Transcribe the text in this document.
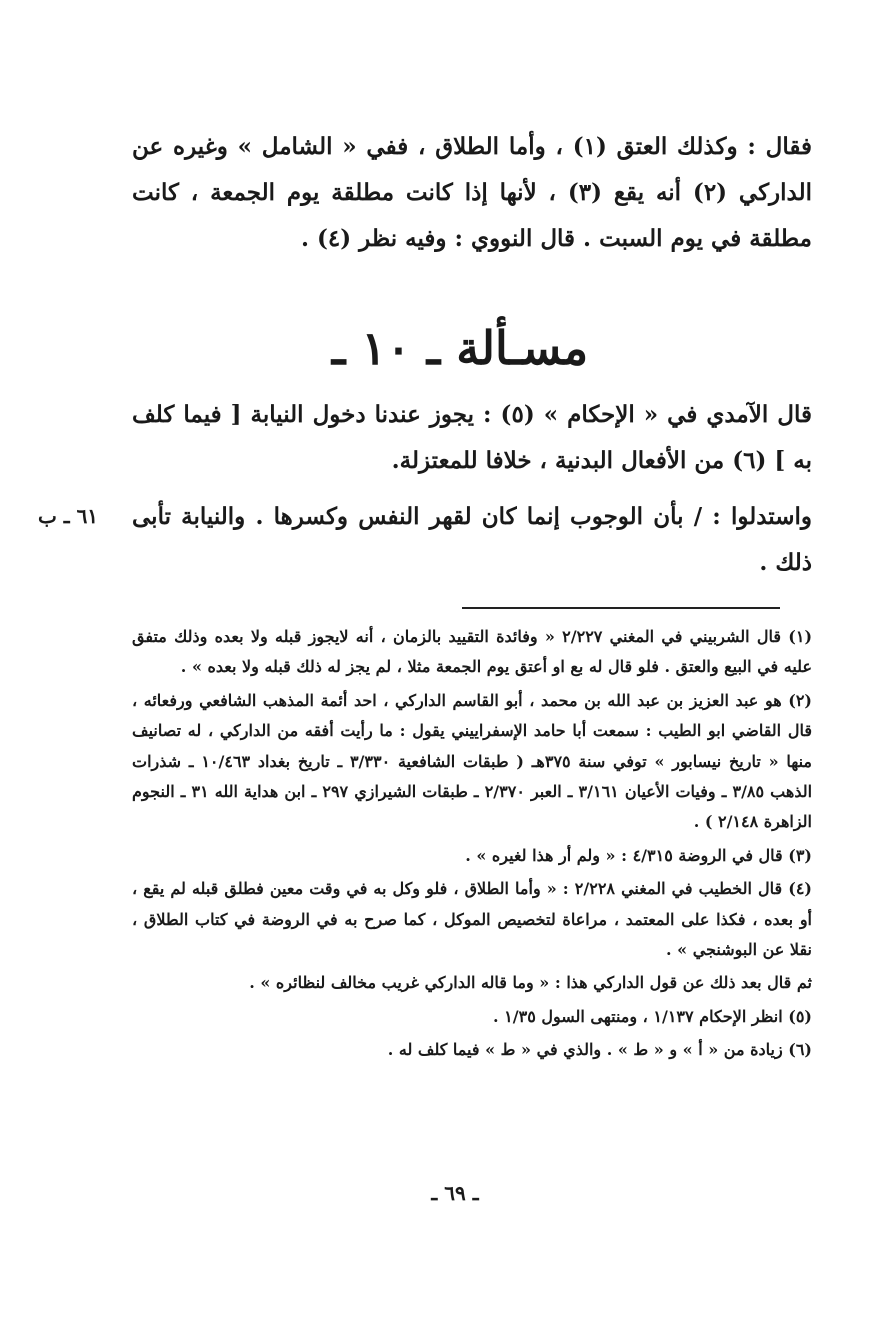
فقال : وكذلك العتق (١) ، وأما الطلاق ، ففي « الشامل » وغيره عن الداركي (٢) أنه يقع (٣) ، لأنها إذا كانت مطلقة يوم الجمعة ، كانت مطلقة في يوم السبت . قال النووي : وفيه نظر (٤) .
مسـألة ـ ١٠ ـ
قال الآمدي في « الإحكام » (٥) : يجوز عندنا دخول النيابة [ فيما كلف به ] (٦) من الأفعال البدنية ، خلافا للمعتزلة.
٦١ ـ ب	واستدلوا : / بأن الوجوب إنما كان لقهر النفس وكسرها . والنيابة تأبى ذلك .

(١) قال الشربيني في المغني ٢/٢٢٧ « وفائدة التقييد بالزمان ، أنه لايجوز قبله ولا بعده وذلك متفق عليه في البيع والعتق . فلو قال له بع او أعتق يوم الجمعة مثلا ، لم يجز له ذلك قبله ولا بعده » .

(٢) هو عبد العزيز بن عبد الله بن محمد ، أبو القاسم الداركي ، احد أئمة المذهب الشافعي ورفعائه ، قال القاضي ابو الطيب : سمعت أبا حامد الإسفراييني يقول : ما رأيت أفقه من الداركي ، له تصانيف منها « تاريخ نيسابور » توفي سنة ٣٧٥هـ ( طبقات الشافعية ٣/٣٣٠ ـ تاريخ بغداد ١٠/٤٦٣ ـ شذرات الذهب ٣/٨٥ ـ وفيات الأعيان ٣/١٦١ ـ العبر ٢/٣٧٠ ـ طبقات الشيرازي ٢٩٧ ـ ابن هداية الله ٣١ ـ النجوم الزاهرة ٢/١٤٨ ) .

(٣) قال في الروضة ٤/٣١٥ : « ولم أر هذا لغيره » .

(٤) قال الخطيب في المغني ٢/٢٢٨ : « وأما الطلاق ، فلو وكل به في وقت معين فطلق قبله لم يقع ، أو بعده ، فكذا على المعتمد ، مراعاة لتخصيص الموكل ، كما صرح به في الروضة في كتاب الطلاق ، نقلا عن البوشنجي » .

ثم قال بعد ذلك عن قول الداركي هذا : « وما قاله الداركي غريب مخالف لنظائره » .

(٥) انظر الإحكام ١/١٣٧ ، ومنتهى السول ١/٣٥ .

(٦) زيادة من « أ » و « ط » . والذي في « ط » فيما كلف له .

ـ ٦٩ ـ
